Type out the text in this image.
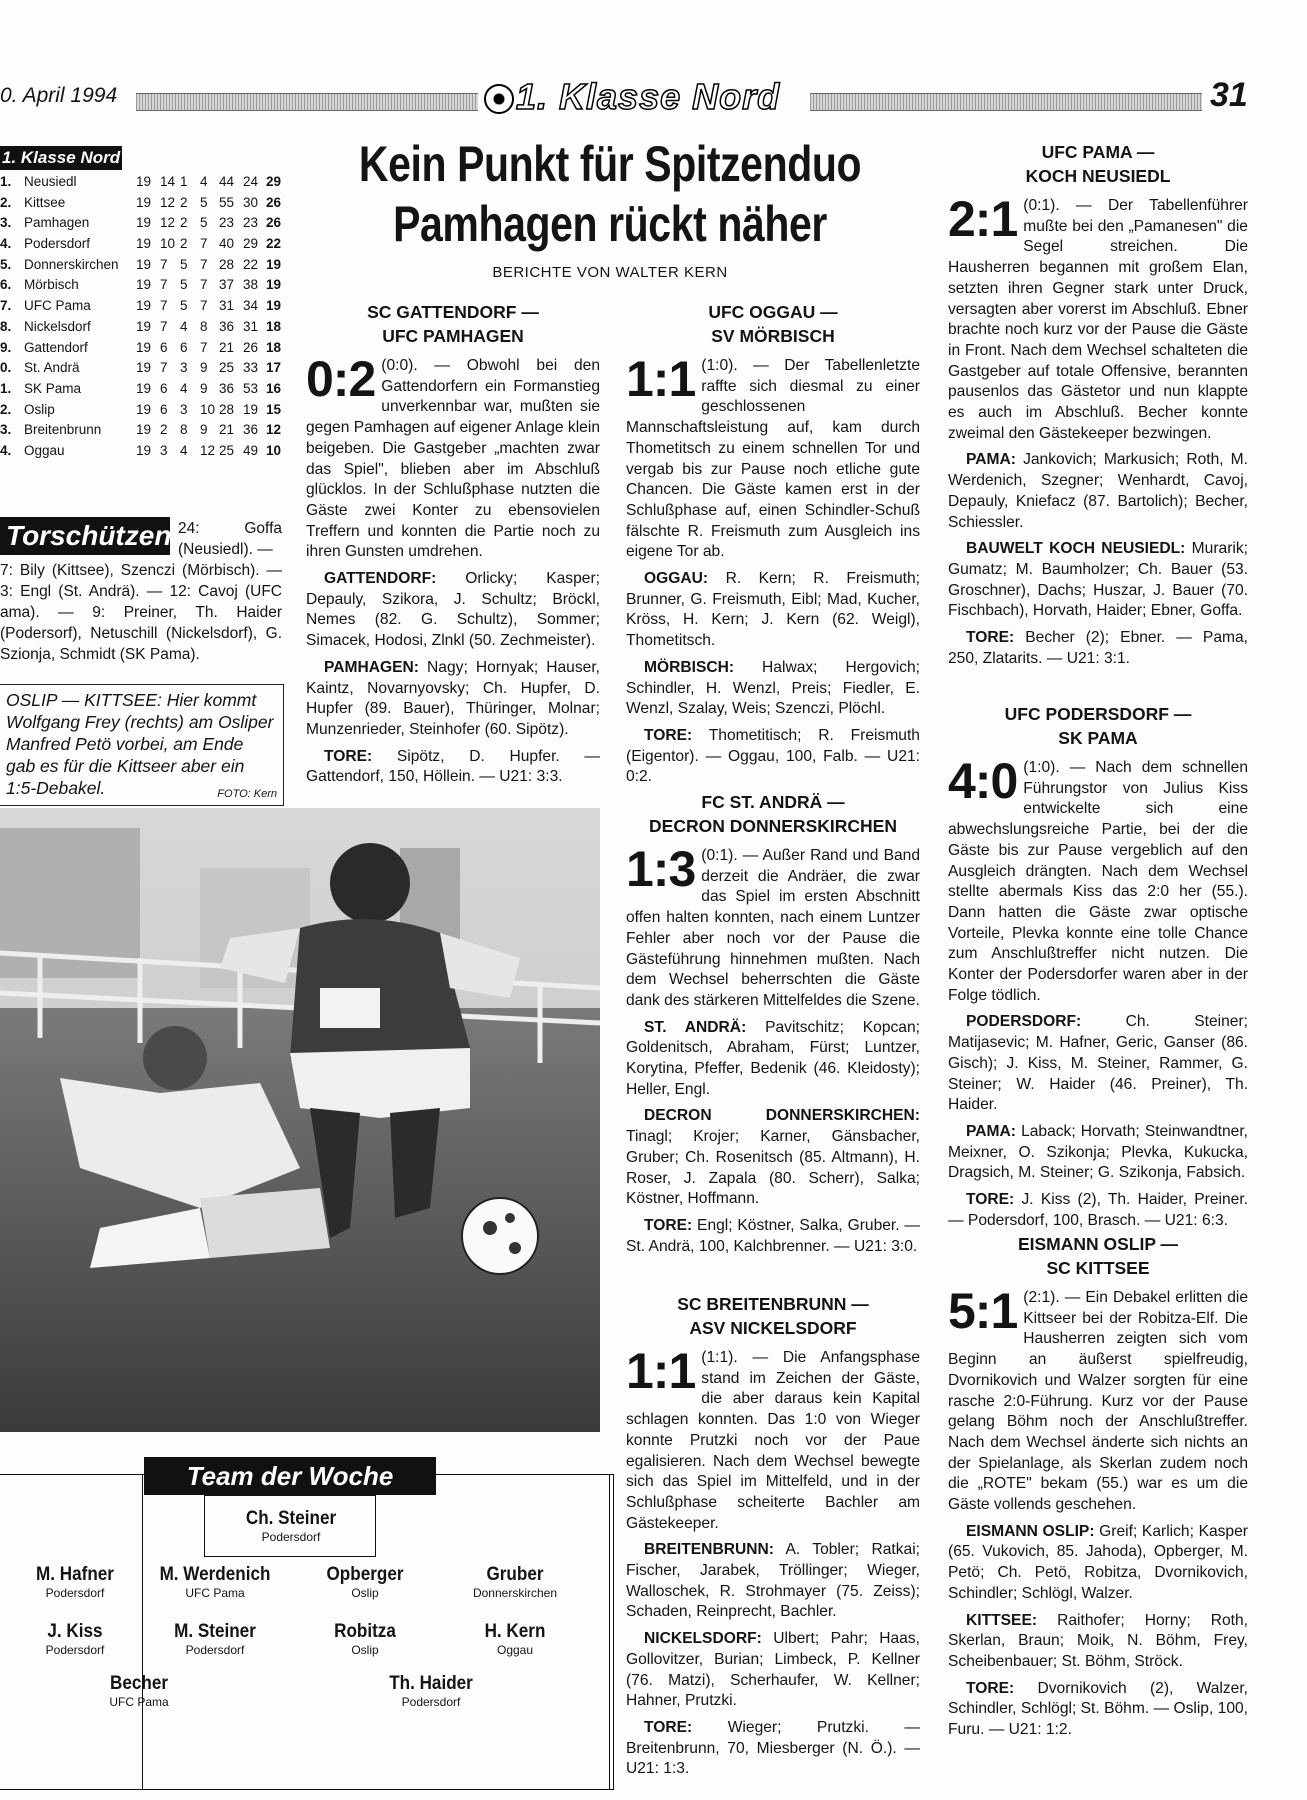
0. April 1994	1. Klasse Nord	31
1. Klasse Nord
1. Neusiedl	19 14 1 4 44 24 29
2. Kittsee	19 12 2 5 55 30 26
3. Pamhagen	19 12 2 5 23 23 26
4. Podersdorf	19 10 2 7 40 29 22
5. Donnerskirchen 19 7 5 7 28 22 19
6. Mörbisch	19 7 5 7 37 38 19
7. UFC Pama	19 7 5 7 31 34 19
8. Nickelsdorf	19 7 4 8 36 31 18
9. Gattendorf	19 6 6 7 21 26 18
0. St. Andrä	19 7 3 9 25 33 17
1. SK Pama	19 6 4 9 36 53 16
2. Oslip	19 6 3 10 28 19 15
3. Breitenbrunn	19 2 8 9 21 36 12
4. Oggau	19 3 4 12 25 49 10
Torschützen 24: Goffa (Neusiedl). —
7: Bily (Kittsee), Szenczi (Mörbisch). — 3: Engl (St. Andrä). — 12: Cavoj (UFC ama). — 9: Preiner, Th. Haider (Podersorf), Netuschill (Nickelsdorf), G. Szionja, Schmidt (SK Pama).
OSLIP — KITTSEE: Hier kommt Wolfgang Frey (rechts) am Osliper Manfred Petö vorbei, am Ende gab es für die Kittseer aber ein 1:5-Debakel.	FOTO: Kern
Kein Punkt für Spitzenduo
Pamhagen rückt näher
BERICHTE VON WALTER KERN
SC GATTENDORF —
UFC PAMHAGEN

0:2 (0:0). — Obwohl bei den Gattendorfern ein Formanstieg unverkennbar war, mußten sie gegen Pamhagen auf eigener Anlage klein beigeben. Die Gastgeber „machten zwar das Spiel", blieben aber im Abschluß glücklos. In der Schlußphase nutzten die Gäste zwei Konter zu ebensovielen Treffern und konnten die Partie noch zu ihren Gunsten umdrehen.

GATTENDORF: Orlicky; Kasper; Depauly, Szikora, J. Schultz; Bröckl, Nemes (82. G. Schultz), Sommer; Simacek, Hodosi, Zlnkl (50. Zechmeister).

PAMHAGEN: Nagy; Hornyak; Hauser, Kaintz, Novarnyovsky; Ch. Hupfer, D. Hupfer (89. Bauer), Thüringer, Molnar; Munzenrieder, Steinhofer (60. Sipötz).

TORE: Sipötz, D. Hupfer. — Gattendorf, 150, Höllein. — U21: 3:3.

UFC OGGAU —
SV MÖRBISCH

1:1 (1:0). — Der Tabellenletzte raffte sich diesmal zu einer geschlossenen Mannschaftsleistung auf, kam durch Thometitsch zu einem schnellen Tor und vergab bis zur Pause noch etliche gute Chancen. Die Gäste kamen erst in der Schlußphase auf, einen Schindler-Schuß fälschte R. Freismuth zum Ausgleich ins eigene Tor ab.

OGGAU: R. Kern; R. Freismuth; Brunner, G. Freismuth, Eibl; Mad, Kucher, Kröss, H. Kern; J. Kern (62. Weigl), Thometitsch.

MÖRBISCH: Halwax; Hergovich; Schindler, H. Wenzl, Preis; Fiedler, E. Wenzl, Szalay, Weis; Szenczi, Plöchl.

TORE: Thometitisch; R. Freismuth (Eigentor). — Oggau, 100, Falb. — U21: 0:2.

FC ST. ANDRÄ —
DECRON DONNERSKIRCHEN

1:3 (0:1). — Außer Rand und Band derzeit die Andräer, die zwar das Spiel im ersten Abschnitt offen halten konnten, nach einem Luntzer Fehler aber noch vor der Pause die Gästeführung hinnehmen mußten. Nach dem Wechsel beherrschten die Gäste dank des stärkeren Mittelfeldes die Szene.

ST. ANDRÄ: Pavitschitz; Kopcan; Goldenitsch, Abraham, Fürst; Luntzer, Korytina, Pfeffer, Bedenik (46. Kleidosty); Heller, Engl.

DECRON DONNERSKIRCHEN: Tinagl; Krojer; Karner, Gänsbacher, Gruber; Ch. Rosenitsch (85. Altmann), H. Roser, J. Zapala (80. Scherr), Salka; Köstner, Hoffmann.

TORE: Engl; Köstner, Salka, Gruber. — St. Andrä, 100, Kalchbrenner. — U21: 3:0.

SC BREITENBRUNN —
ASV NICKELSDORF

1:1 (1:1). — Die Anfangsphase stand im Zeichen der Gäste, die aber daraus kein Kapital schlagen konnten. Das 1:0 von Wieger konnte Prutzki noch vor der Paue egalisieren. Nach dem Wechsel bewegte sich das Spiel im Mittelfeld, und in der Schlußphase scheiterte Bachler am Gästekeeper.

BREITENBRUNN: A. Tobler; Ratkai; Fischer, Jarabek, Tröllinger; Wieger, Walloschek, R. Strohmayer (75. Zeiss); Schaden, Reinprecht, Bachler.

NICKELSDORF: Ulbert; Pahr; Haas, Gollovitzer, Burian; Limbeck, P. Kellner (76. Matzi), Scherhaufer, W. Kellner; Hahner, Prutzki.

TORE: Wieger; Prutzki. — Breitenbrunn, 70, Miesberger (N. Ö.). — U21: 1:3.

UFC PAMA —
KOCH NEUSIEDL

2:1 (0:1). — Der Tabellenführer mußte bei den „Pamanesen" die Segel streichen. Die Hausherren begannen mit großem Elan, setzten ihren Gegner stark unter Druck, versagten aber vorerst im Abschluß. Ebner brachte noch kurz vor der Pause die Gäste in Front. Nach dem Wechsel schalteten die Gastgeber auf totale Offensive, berannten pausenlos das Gästetor und nun klappte es auch im Abschluß. Becher konnte zweimal den Gästekeeper bezwingen.

PAMA: Jankovich; Markusich; Roth, M. Werdenich, Szegner; Wenhardt, Cavoj, Depauly, Kniefacz (87. Bartolich); Becher, Schiessler.

BAUWELT KOCH NEUSIEDL: Murarik; Gumatz; M. Baumholzer; Ch. Bauer (53. Groschner), Dachs; Huszar, J. Bauer (70. Fischbach), Horvath, Haider; Ebner, Goffa.

TORE: Becher (2); Ebner. — Pama, 250, Zlatarits. — U21: 3:1.

UFC PODERSDORF —
SK PAMA

4:0 (1:0). — Nach dem schnellen Führungstor von Julius Kiss entwickelte sich eine abwechslungsreiche Partie, bei der die Gäste bis zur Pause vergeblich auf den Ausgleich drängten. Nach dem Wechsel stellte abermals Kiss das 2:0 her (55.). Dann hatten die Gäste zwar optische Vorteile, Plevka konnte eine tolle Chance zum Anschlußtreffer nicht nutzen. Die Konter der Podersdorfer waren aber in der Folge tödlich.

PODERSDORF:	Ch. Steiner; Matijasevic; M. Hafner, Geric, Ganser (86. Gisch); J. Kiss, M. Steiner, Rammer, G. Steiner; W. Haider (46. Preiner), Th. Haider.

PAMA: Laback; Horvath; Steinwandtner, Meixner, O. Szikonja; Plevka, Kukucka, Dragsich, M. Steiner; G. Szikonja, Fabsich.

TORE: J. Kiss (2), Th. Haider, Preiner. — Podersdorf, 100, Brasch. — U21: 6:3.

EISMANN OSLIP —
SC KITTSEE

5:1 (2:1). — Ein Debakel erlitten die Kittseer bei der Robitza-Elf. Die Hausherren zeigten sich vom Beginn an äußerst spielfreudig, Dvornikovich und Walzer sorgten für eine rasche 2:0-Führung. Kurz vor der Pause gelang Böhm noch der Anschlußtreffer. Nach dem Wechsel änderte sich nichts an der Spielanlage, als Skerlan zudem noch die „ROTE" bekam (55.) war es um die Gäste vollends geschehen.

EISMANN OSLIP: Greif; Karlich; Kasper (65. Vukovich, 85. Jahoda), Opberger, M. Petö; Ch. Petö, Robitza, Dvornikovich, Schindler; Schlögl, Walzer.

KITTSEE: Raithofer; Horny; Roth, Skerlan, Braun; Moik, N. Böhm, Frey, Scheibenbauer; St. Böhm, Ströck.

TORE: Dvornikovich (2), Walzer, Schindler, Schlögl; St. Böhm. — Oslip, 100, Furu. — U21: 1:2.

Team der Woche
Ch. Steiner
Podersdorf
M. Hafner
Podersdorf
M. Werdenich
UFC Pama
Opberger
Oslip
Gruber
Donnerskirchen
J. Kiss
Podersdorf
M. Steiner
Podersdorf
Robitza
Oslip
H. Kern
Oggau
Becher
UFC Pama
Th. Haider
Podersdorf
